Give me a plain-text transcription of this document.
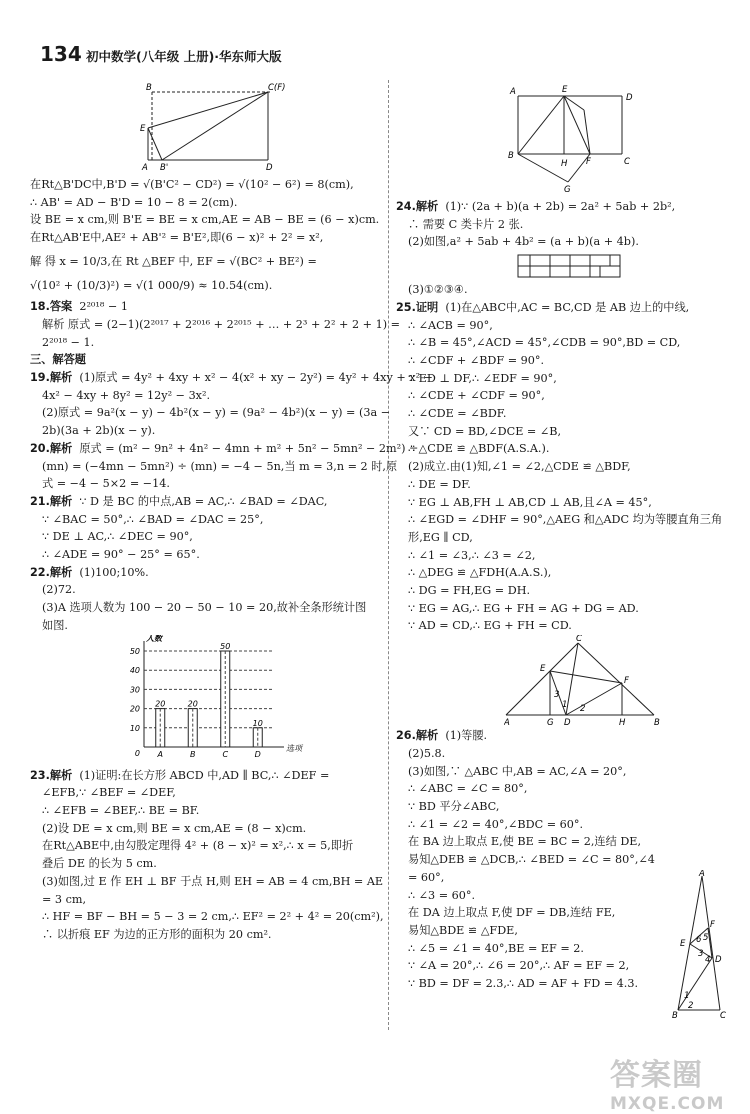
134 初中数学(八年级 上册)·华东师大版
B	C(F)
E
A B'	D

在Rt△B'DC中,B'D = √(B'C² − CD²) = √(10² − 6²) = 8(cm),

∴ AB' = AD − B'D = 10 − 8 = 2(cm).

设 BE = x cm,则 B'E = BE = x cm,AE = AB − BE = (6 − x)cm.

在Rt△AB'E中,AE² + AB'² = B'E²,即(6 − x)² + 2² = x²,

解 得 x = 10/3,在 Rt △BEF 中, EF = √(BC² + BE²) =

√(10² + (10/3)²) = √(1 000/9) ≈ 10.54(cm).

18.答案 2²⁰¹⁸ − 1

解析 原式 = (2−1)(2²⁰¹⁷ + 2²⁰¹⁶ + 2²⁰¹⁵ + … + 2³ + 2² + 2 + 1) =

2²⁰¹⁸ − 1.

三、解答题

19.解析 (1)原式 = 4y² + 4xy + x² − 4(x² + xy − 2y²) = 4y² + 4xy + x² −

4x² − 4xy + 8y² = 12y² − 3x².

(2)原式 = 9a²(x − y) − 4b²(x − y) = (9a² − 4b²)(x − y) = (3a −

2b)(3a + 2b)(x − y).

20.解析 原式 = (m² − 9n² + 4n² − 4mn + m² + 5n² − 5mn² − 2m²) ÷

(mn) = (−4mn − 5mn²) ÷ (mn) = −4 − 5n,当 m = 3,n = 2 时,原

式 = −4 − 5×2 = −14.

21.解析 ∵ D 是 BC 的中点,AB = AC,∴ ∠BAD = ∠DAC,

∵ ∠BAC = 50°,∴ ∠BAD = ∠DAC = 25°,

∵ DE ⊥ AC,∴ ∠DEC = 90°,

∴ ∠ADE = 90° − 25° = 65°.

22.解析 (1)100;10%.

(2)72.

(3)A 选项人数为 100 − 20 − 50 − 10 = 20,故补全条形统计图

如图.

10
20
30
40
50
0
人数
选项
20
A
20
B
50
C
10
D

23.解析 (1)证明:在长方形 ABCD 中,AD ∥ BC,∴ ∠DEF =

∠EFB,∵ ∠BEF = ∠DEF,

∴ ∠EFB = ∠BEF,∴ BE = BF.

(2)设 DE = x cm,则 BE = x cm,AE = (8 − x)cm.

在Rt△ABE中,由勾股定理得 4² + (8 − x)² = x²,∴ x = 5,即折

叠后 DE 的长为 5 cm.

(3)如图,过 E 作 EH ⊥ BF 于点 H,则 EH = AB = 4 cm,BH = AE

= 3 cm,

∴ HF = BF − BH = 5 − 3 = 2 cm,∴ EF² = 2² + 4² = 20(cm²),

∴ 以折痕 EF 为边的正方形的面积为 20 cm².

A	E
D
B
H F	C
G

24.解析 (1)∵ (2a + b)(a + 2b) = 2a² + 5ab + 2b²,

∴ 需要 C 类卡片 2 张.

(2)如图,a² + 5ab + 4b² = (a + b)(a + 4b).

(3)①②③④.

25.证明 (1)在△ABC中,AC = BC,CD 是 AB 边上的中线,

∴ ∠ACB = 90°,

∴ ∠B = 45°,∠ACD = 45°,∠CDB = 90°,BD = CD,

∴ ∠CDF + ∠BDF = 90°.

∵ ED ⊥ DF,∴ ∠EDF = 90°,

∴ ∠CDE + ∠CDF = 90°,

∴ ∠CDE = ∠BDF.

又∵ CD = BD,∠DCE = ∠B,

∴ △CDE ≌ △BDF(A.S.A.).

(2)成立.由(1)知,∠1 = ∠2,△CDE ≌ △BDF,

∴ DE = DF.

∵ EG ⊥ AB,FH ⊥ AB,CD ⊥ AB,且∠A = 45°,

∴ ∠EGD = ∠DHF = 90°,△AEG 和△ADC 均为等腰直角三角

形,EG ∥ CD,

∴ ∠1 = ∠3,∴ ∠3 = ∠2,

∴ △DEG ≌ △FDH(A.A.S.),

∴ DG = FH,EG = DH.

∵ EG = AG,∴ EG + FH = AG + DG = AD.

∵ AD = CD,∴ EG + FH = CD.

C
E
F
A	G D	H	B
1 2
3

26.解析 (1)等腰.

(2)5.8.

(3)如图,∵ △ABC 中,AB = AC,∠A = 20°,

∴ ∠ABC = ∠C = 80°,

∵ BD 平分∠ABC,

∴ ∠1 = ∠2 = 40°,∠BDC = 60°.

在 BA 边上取点 E,使 BE = BC = 2,连结 DE,

易知△DEB ≌ △DCB,∴ ∠BED = ∠C = 80°,∠4

= 60°,

∴ ∠3 = 60°.

在 DA 边上取点 F,使 DF = DB,连结 FE,

易知△BDE ≌ △FDE,

∴ ∠5 = ∠1 = 40°,BE = EF = 2.

∵ ∠A = 20°,∴ ∠6 = 20°,∴ AF = EF = 2,

∵ BD = DF = 2.3,∴ AD = AF + FD = 4.3.

A
F
E
D
B	C
1
2
3
4
5
6
答案圈
MXQE.COM
